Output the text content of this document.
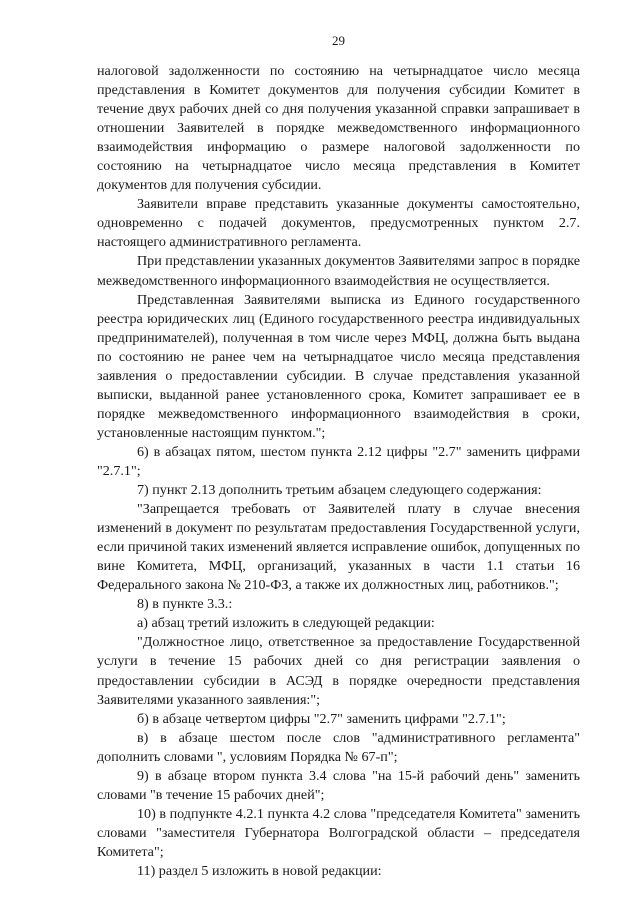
29

налоговой задолженности по состоянию на четырнадцатое число месяца представления в Комитет документов для получения субсидии Комитет в течение двух рабочих дней со дня получения указанной справки запрашивает в отношении Заявителей в порядке межведомственного информационного взаимодействия информацию о размере налоговой задолженности по состоянию на четырнадцатое число месяца представления в Комитет документов для получения субсидии.

Заявители вправе представить указанные документы самостоятельно, одновременно с подачей документов, предусмотренных пунктом 2.7. настоящего административного регламента.

При представлении указанных документов Заявителями запрос в порядке межведомственного информационного взаимодействия не осуществляется.

Представленная Заявителями выписка из Единого государственного реестра юридических лиц (Единого государственного реестра индивидуальных предпринимателей), полученная в том числе через МФЦ, должна быть выдана по состоянию не ранее чем на четырнадцатое число месяца представления заявления о предоставлении субсидии. В случае представления указанной выписки, выданной ранее установленного срока, Комитет запрашивает ее в порядке межведомственного информационного взаимодействия в сроки, установленные настоящим пунктом.";

6) в абзацах пятом, шестом пункта 2.12 цифры "2.7" заменить цифрами "2.7.1";

7) пункт 2.13 дополнить третьим абзацем следующего содержания:

"Запрещается требовать от Заявителей плату в случае внесения изменений в документ по результатам предоставления Государственной услуги, если причиной таких изменений является исправление ошибок, допущенных по вине Комитета, МФЦ, организаций, указанных в части 1.1 статьи 16 Федерального закона № 210-ФЗ, а также их должностных лиц, работников.";

8) в пункте 3.3.:

а) абзац третий изложить в следующей редакции:

"Должностное лицо, ответственное за предоставление Государственной услуги в течение 15 рабочих дней со дня регистрации заявления о предоставлении субсидии в АСЭД в порядке очередности представления Заявителями указанного заявления:";

б) в абзаце четвертом цифры "2.7" заменить цифрами "2.7.1";

в) в абзаце шестом после слов "административного регламента" дополнить словами ", условиям Порядка № 67-п";

9) в абзаце втором пункта 3.4 слова "на 15-й рабочий день" заменить словами "в течение 15 рабочих дней";

10) в подпункте 4.2.1 пункта 4.2 слова "председателя Комитета" заменить словами "заместителя Губернатора Волгоградской области – председателя Комитета";

11) раздел 5 изложить в новой редакции:
